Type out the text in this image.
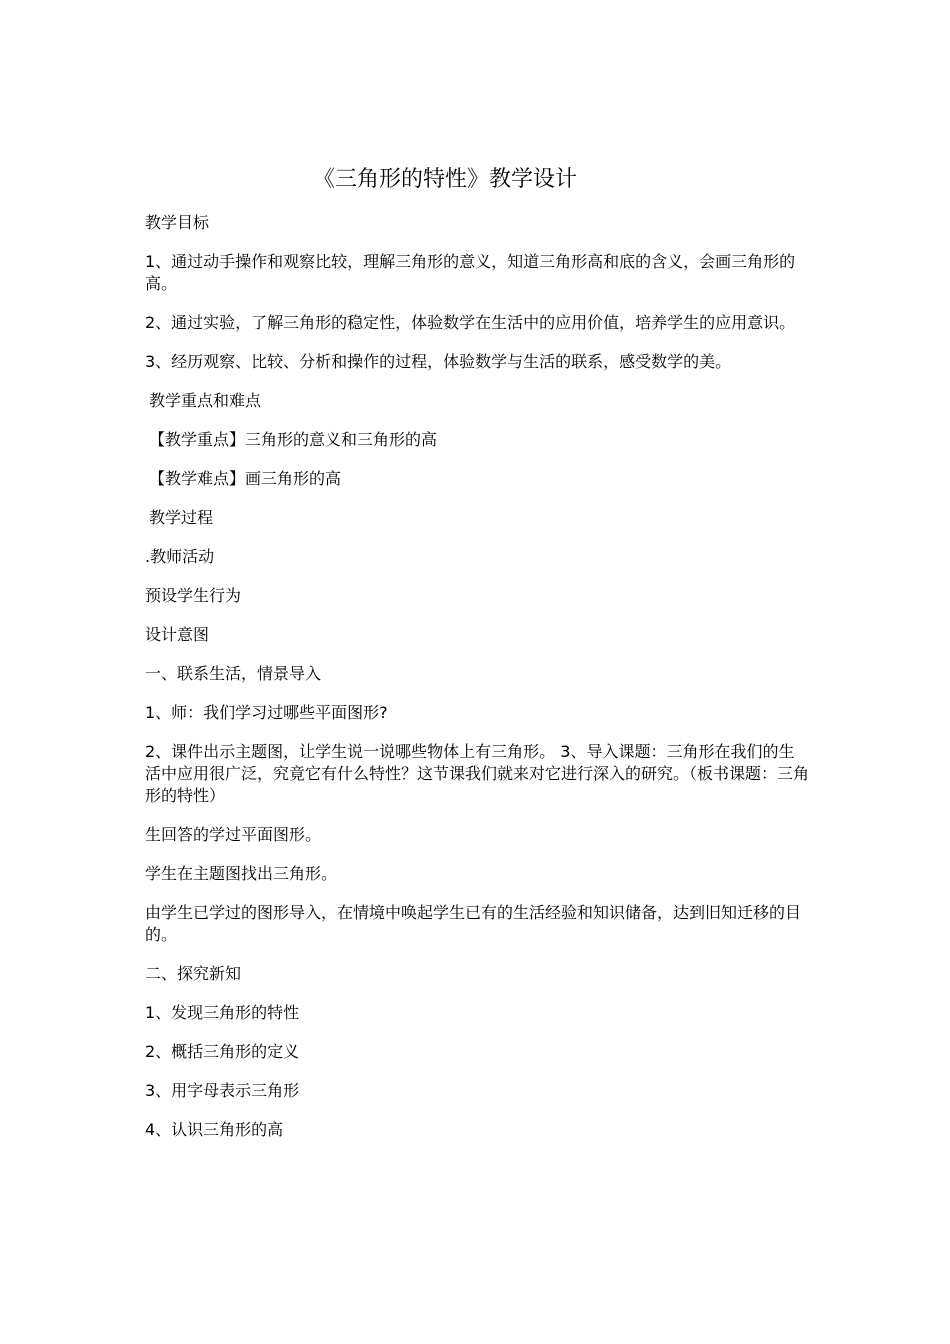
《三角形的特性》教学设计

教学目标

1、通过动手操作和观察比较，理解三角形的意义，知道三角形高和底的含义，会画三角形的高。

2、通过实验，了解三角形的稳定性，体验数学在生活中的应用价值，培养学生的应用意识。

3、经历观察、比较、分析和操作的过程，体验数学与生活的联系，感受数学的美。

教学重点和难点

【教学重点】三角形的意义和三角形的高

【教学难点】画三角形的高

教学过程

.教师活动

预设学生行为

设计意图

一、联系生活，情景导入

1、师：我们学习过哪些平面图形?

2、课件出示主题图，让学生说一说哪些物体上有三角形。 3、导入课题：三角形在我们的生活中应用很广泛，究竟它有什么特性？这节课我们就来对它进行深入的研究。（板书课题：三角形的特性）

生回答的学过平面图形。

学生在主题图找出三角形。

由学生已学过的图形导入，在情境中唤起学生已有的生活经验和知识储备，达到旧知迁移的目的。

二、探究新知

1、发现三角形的特性

2、概括三角形的定义

3、用字母表示三角形

4、认识三角形的高
